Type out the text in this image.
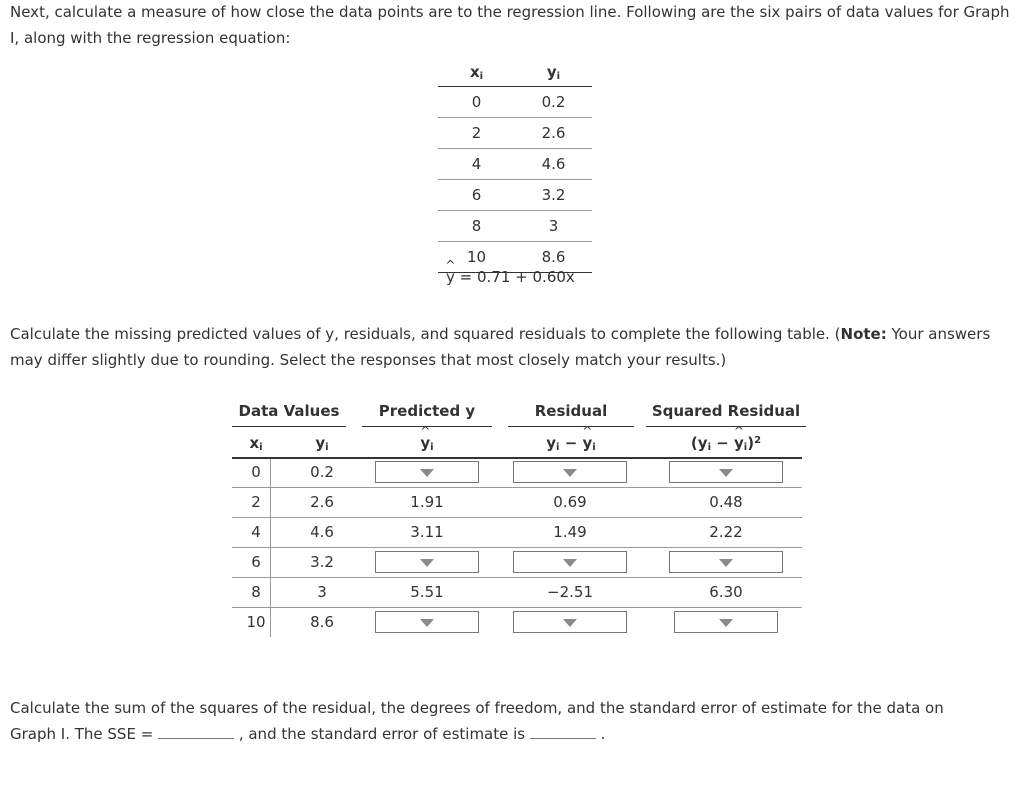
Next, calculate a measure of how close the data points are to the regression line. Following are the six pairs of data values for Graph I, along with the regression equation:

$x_i$	$y_i$
0	0.2
2	2.6
4	4.6
6	3.2
8	3
10	8.6
^ y = 0.71 + 0.60x

Calculate the missing predicted values of y, residuals, and squared residuals to complete the following table. (Note: Your answers may differ slightly due to rounding. Select the responses that most closely match your results.)

Data Values	Predicted y	Residual	Squared Residual
$x_i$	$y_i$
^	$y_i$	$y_i$ − ^ $y_i$	($y_i$ − ^ $y_i)^2$
0	0.2
2	2.6	1.91	0.69	0.48
4	4.6	3.11	1.49	2.22
6	3.2
8	3	5.51	−2.51	6.30
10	8.6
Calculate the sum of the squares of the residual, the degrees of freedom, and the standard error of estimate for the data on
Graph I. The SSE =	, and the standard error of estimate is	.
